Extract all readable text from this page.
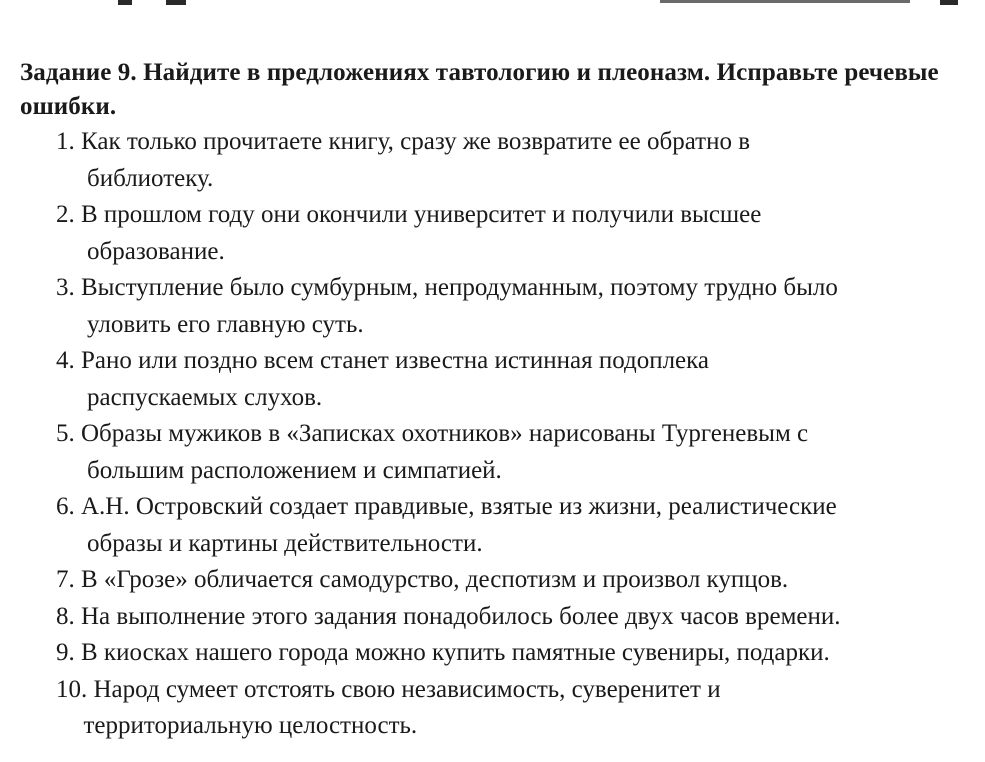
Задание 9. Найдите в предложениях тавтологию и плеоназм. Исправьте речевые ошибки.

1. Как только прочитаете книгу, сразу же возвратите ее обратно в
библиотеку.
2. В прошлом году они окончили университет и получили высшее
образование.
3. Выступление было сумбурным, непродуманным, поэтому трудно было
уловить его главную суть.
4. Рано или поздно всем станет известна истинная подоплека
распускаемых слухов.
5. Образы мужиков в «Записках охотников» нарисованы Тургеневым с
большим расположением и симпатией.
6. А.Н. Островский создает правдивые, взятые из жизни, реалистические
образы и картины действительности.
7. В «Грозе» обличается самодурство, деспотизм и произвол купцов.
8. На выполнение этого задания понадобилось более двух часов времени.
9. В киосках нашего города можно купить памятные сувениры, подарки.
10. Народ сумеет отстоять свою независимость, суверенитет и
территориальную целостность.
